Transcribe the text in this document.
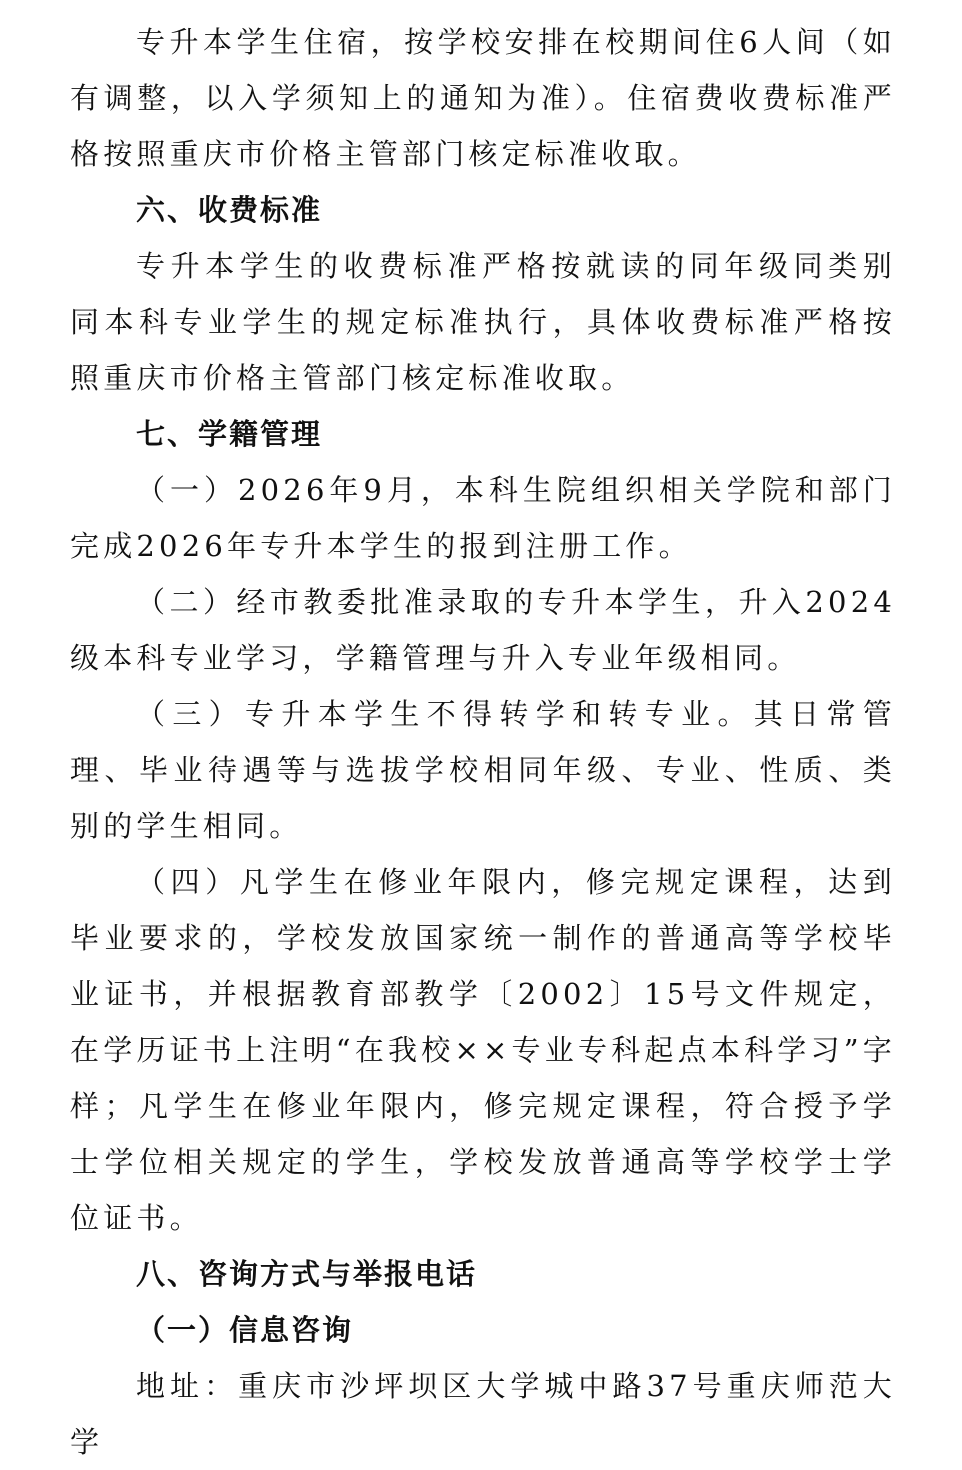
专升本学生住宿，按学校安排在校期间住6人间（如有调整，以入学须知上的通知为准）。住宿费收费标准严格按照重庆市价格主管部门核定标准收取。

六、收费标准

专升本学生的收费标准严格按就读的同年级同类别同本科专业学生的规定标准执行，具体收费标准严格按照重庆市价格主管部门核定标准收取。

七、学籍管理

（一）2026年9月，本科生院组织相关学院和部门完成2026年专升本学生的报到注册工作。

（二）经市教委批准录取的专升本学生，升入2024级本科专业学习，学籍管理与升入专业年级相同。

（三）专升本学生不得转学和转专业。其日常管理、毕业待遇等与选拔学校相同年级、专业、性质、类别的学生相同。

（四）凡学生在修业年限内，修完规定课程，达到毕业要求的，学校发放国家统一制作的普通高等学校毕业证书，并根据教育部教学〔2002〕15号文件规定，在学历证书上注明“在我校××专业专科起点本科学习”字样；凡学生在修业年限内，修完规定课程，符合授予学士学位相关规定的学生，学校发放普通高等学校学士学位证书。

八、咨询方式与举报电话

（一）信息咨询

地址：重庆市沙坪坝区大学城中路37号重庆师范大学
